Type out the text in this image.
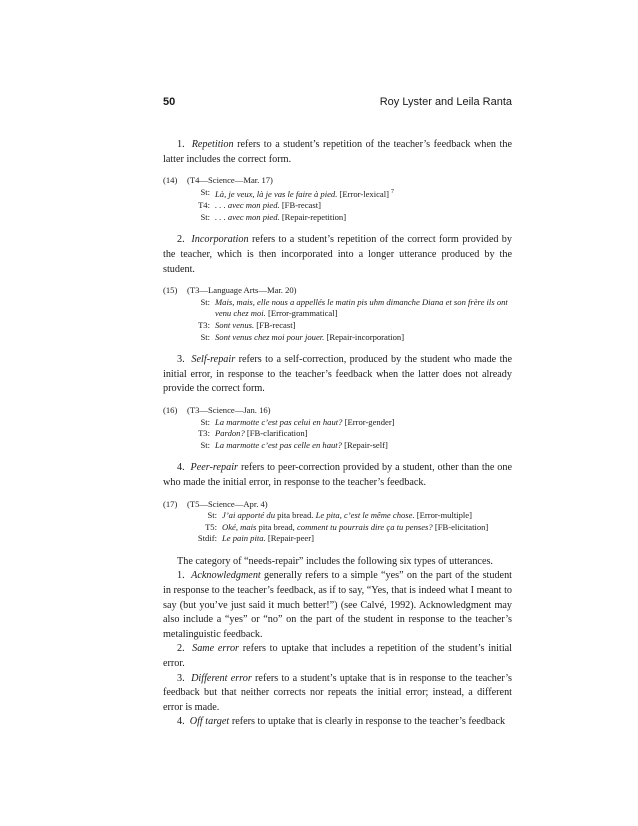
50	Roy Lyster and Leila Ranta

1. Repetition refers to a student’s repetition of the teacher’s feedback when the latter includes the correct form.

(14)	(T4—Science—Mar. 17)
St: Là, je veux, là je vas le faire à pied. [Error-lexical] $^7$
T4: . . . avec mon pied. [FB-recast]
St: . . . avec mon pied. [Repair-repetition]

2. Incorporation refers to a student’s repetition of the correct form provided by the teacher, which is then incorporated into a longer utterance produced by the student.

(15)	(T3—Language Arts—Mar. 20)
St: Mais, mais, elle nous a appellés le matin pis uhm dimanche Diana et son frère ils ont venu chez moi. [Error-grammatical]
T3: Sont venus. [FB-recast]
St: Sont venus chez moi pour jouer. [Repair-incorporation]

3. Self-repair refers to a self-correction, produced by the student who made the initial error, in response to the teacher’s feedback when the latter does not already provide the correct form.

(16)	(T3—Science—Jan. 16)
St: La marmotte c’est pas celui en haut? [Error-gender]
T3: Pardon? [FB-clarification]
St: La marmotte c’est pas celle en haut? [Repair-self]

4. Peer-repair refers to peer-correction provided by a student, other than the one who made the initial error, in response to the teacher’s feedback.

(17)	(T5—Science—Apr. 4)
St: J’ai apporté du pita bread. Le pita, c’est le même chose. [Error-multiple]
T5: Oké, mais pita bread, comment tu pourrais dire ça tu penses? [FB-elicitation]
Stdif: Le pain pita. [Repair-peer]

The category of “needs-repair” includes the following six types of utterances.

1. Acknowledgment generally refers to a simple “yes” on the part of the student in response to the teacher’s feedback, as if to say, “Yes, that is indeed what I meant to say (but you’ve just said it much better!”) (see Calvé, 1992). Acknowledgment may also include a “yes” or “no” on the part of the student in response to the teacher’s metalinguistic feedback.

2. Same error refers to uptake that includes a repetition of the student’s initial error.

3. Different error refers to a student’s uptake that is in response to the teacher’s feedback but that neither corrects nor repeats the initial error; instead, a different error is made.

4. Off target refers to uptake that is clearly in response to the teacher’s feedback
